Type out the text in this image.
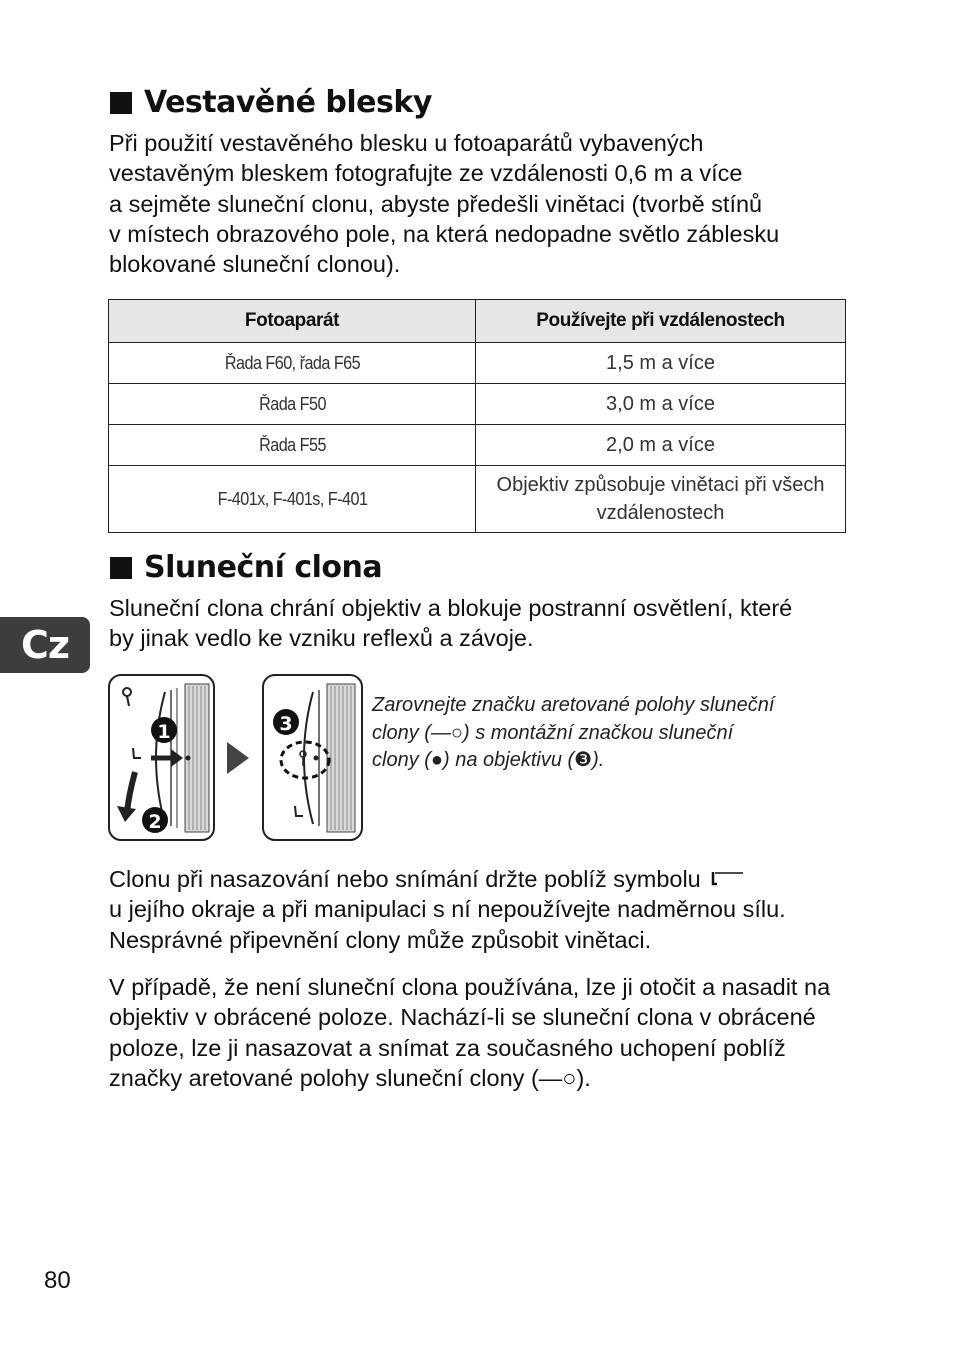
Vestavěné blesky

Při použití vestavěného blesku u fotoaparátů vybavených
vestavěným bleskem fotografujte ze vzdálenosti 0,6 m a více
a sejměte sluneční clonu, abyste předešli vinětaci (tvorbě stínů
v místech obrazového pole, na která nedopadne světlo záblesku
blokované sluneční clonou).

Fotoaparát	Používejte při vzdálenostech
Řada F60, řada F65	1,5 m a více
Řada F50	3,0 m a více
Řada F55	2,0 m a více
F-401x, F-401s, F-401	Objektiv způsobuje vinětaci při všech vzdálenostech
Sluneční clona

Sluneční clona chrání objektiv a blokuje postranní osvětlení, které
by jinak vedlo ke vzniku reflexů a závoje.

Cz
1
2
3
Zarovnejte značku aretované polohy sluneční
clony (—○) s montážní značkou sluneční
clony (●) na objektivu (❸).

Clonu při nasazování nebo snímání držte poblíž symbolu
u jejího okraje a při manipulaci s ní nepoužívejte nadměrnou sílu.
Nesprávné připevnění clony může způsobit vinětaci.

V případě, že není sluneční clona používána, lze ji otočit a nasadit na
objektiv v obrácené poloze. Nachází-li se sluneční clona v obrácené
poloze, lze ji nasazovat a snímat za současného uchopení poblíž
značky aretované polohy sluneční clony (—○).

80
